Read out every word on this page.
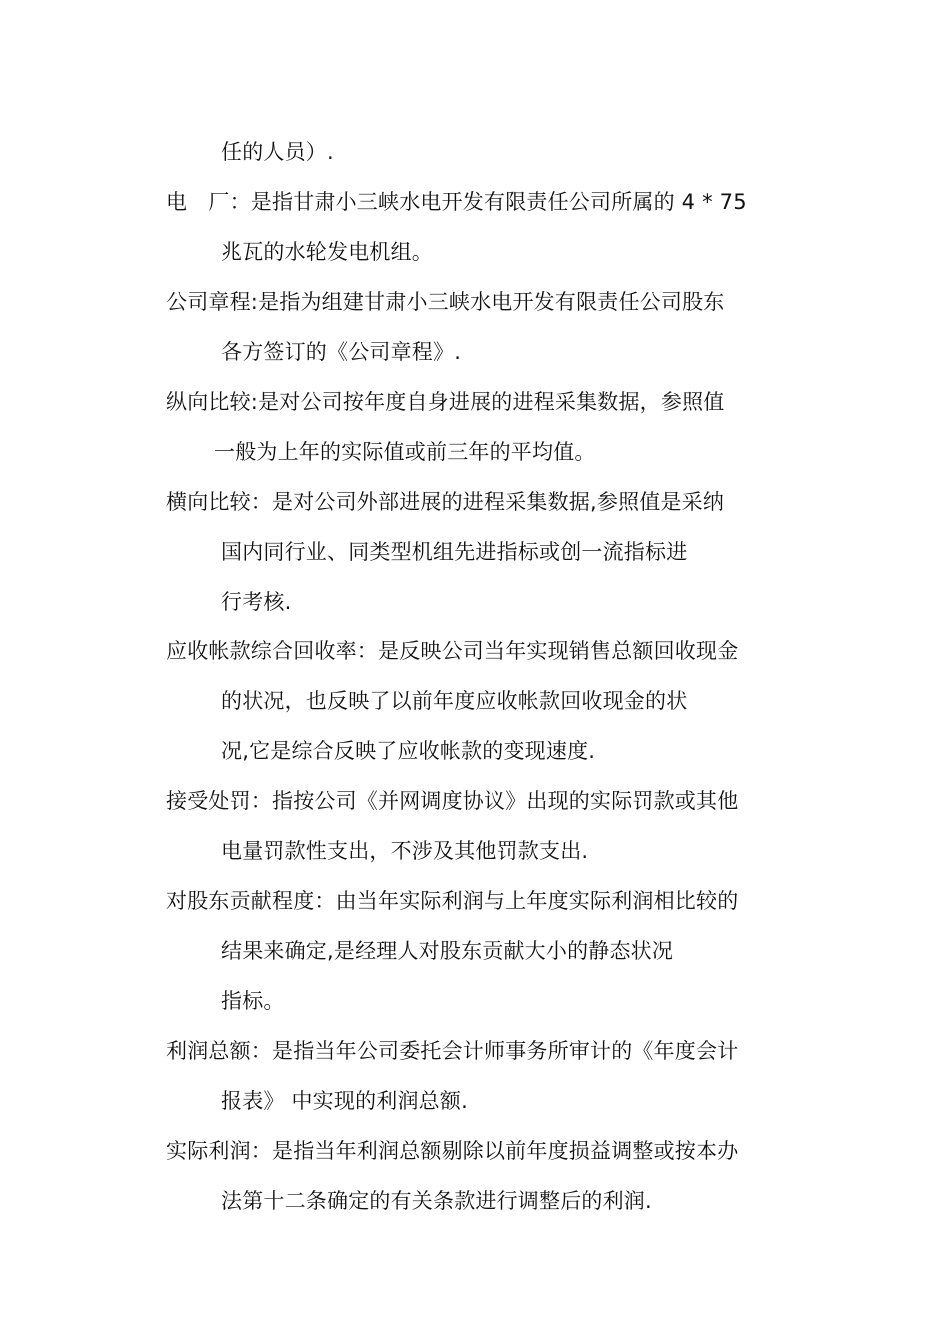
任的人员）.
电　厂：是指甘肃小三峡水电开发有限责任公司所属的 4 * 75
兆瓦的水轮发电机组。
公司章程:是指为组建甘肃小三峡水电开发有限责任公司股东
各方签订的《公司章程》.
纵向比较:是对公司按年度自身进展的进程采集数据，参照值
一般为上年的实际值或前三年的平均值。
横向比较：是对公司外部进展的进程采集数据,参照值是采纳
国内同行业、同类型机组先进指标或创一流指标进
行考核.
应收帐款综合回收率：是反映公司当年实现销售总额回收现金
的状况，也反映了以前年度应收帐款回收现金的状
况,它是综合反映了应收帐款的变现速度.
接受处罚：指按公司《并网调度协议》出现的实际罚款或其他
电量罚款性支出，不涉及其他罚款支出.
对股东贡献程度：由当年实际利润与上年度实际利润相比较的
结果来确定,是经理人对股东贡献大小的静态状况
指标。
利润总额：是指当年公司委托会计师事务所审计的《年度会计
报表》 中实现的利润总额.
实际利润：是指当年利润总额剔除以前年度损益调整或按本办
法第十二条确定的有关条款进行调整后的利润.
